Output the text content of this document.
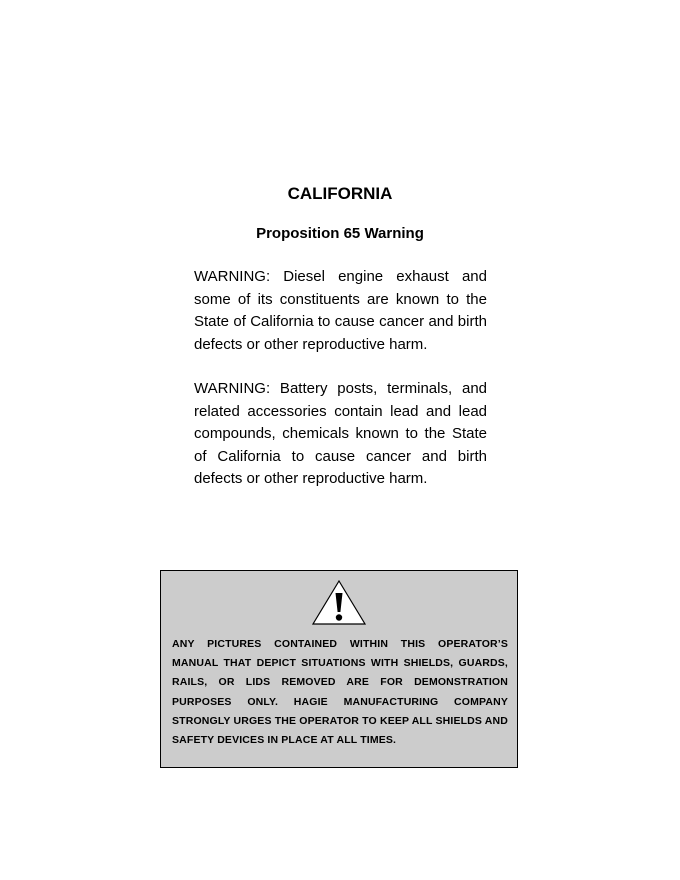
CALIFORNIA
Proposition 65 Warning

WARNING: Diesel engine exhaust and some of its constituents are known to the State of California to cause cancer and birth defects or other reproductive harm.

WARNING: Battery posts, terminals, and related accessories contain lead and lead compounds, chemicals known to the State of California to cause cancer and birth defects or other reproductive harm.

ANY PICTURES CONTAINED WITHIN THIS OPERATOR’S MANUAL THAT DEPICT SITUATIONS WITH SHIELDS, GUARDS, RAILS, OR LIDS REMOVED ARE FOR DEMONSTRATION PURPOSES ONLY. HAGIE MANUFACTURING COMPANY STRONGLY URGES THE OPERATOR TO KEEP ALL SHIELDS AND SAFETY DEVICES IN PLACE AT ALL TIMES.
